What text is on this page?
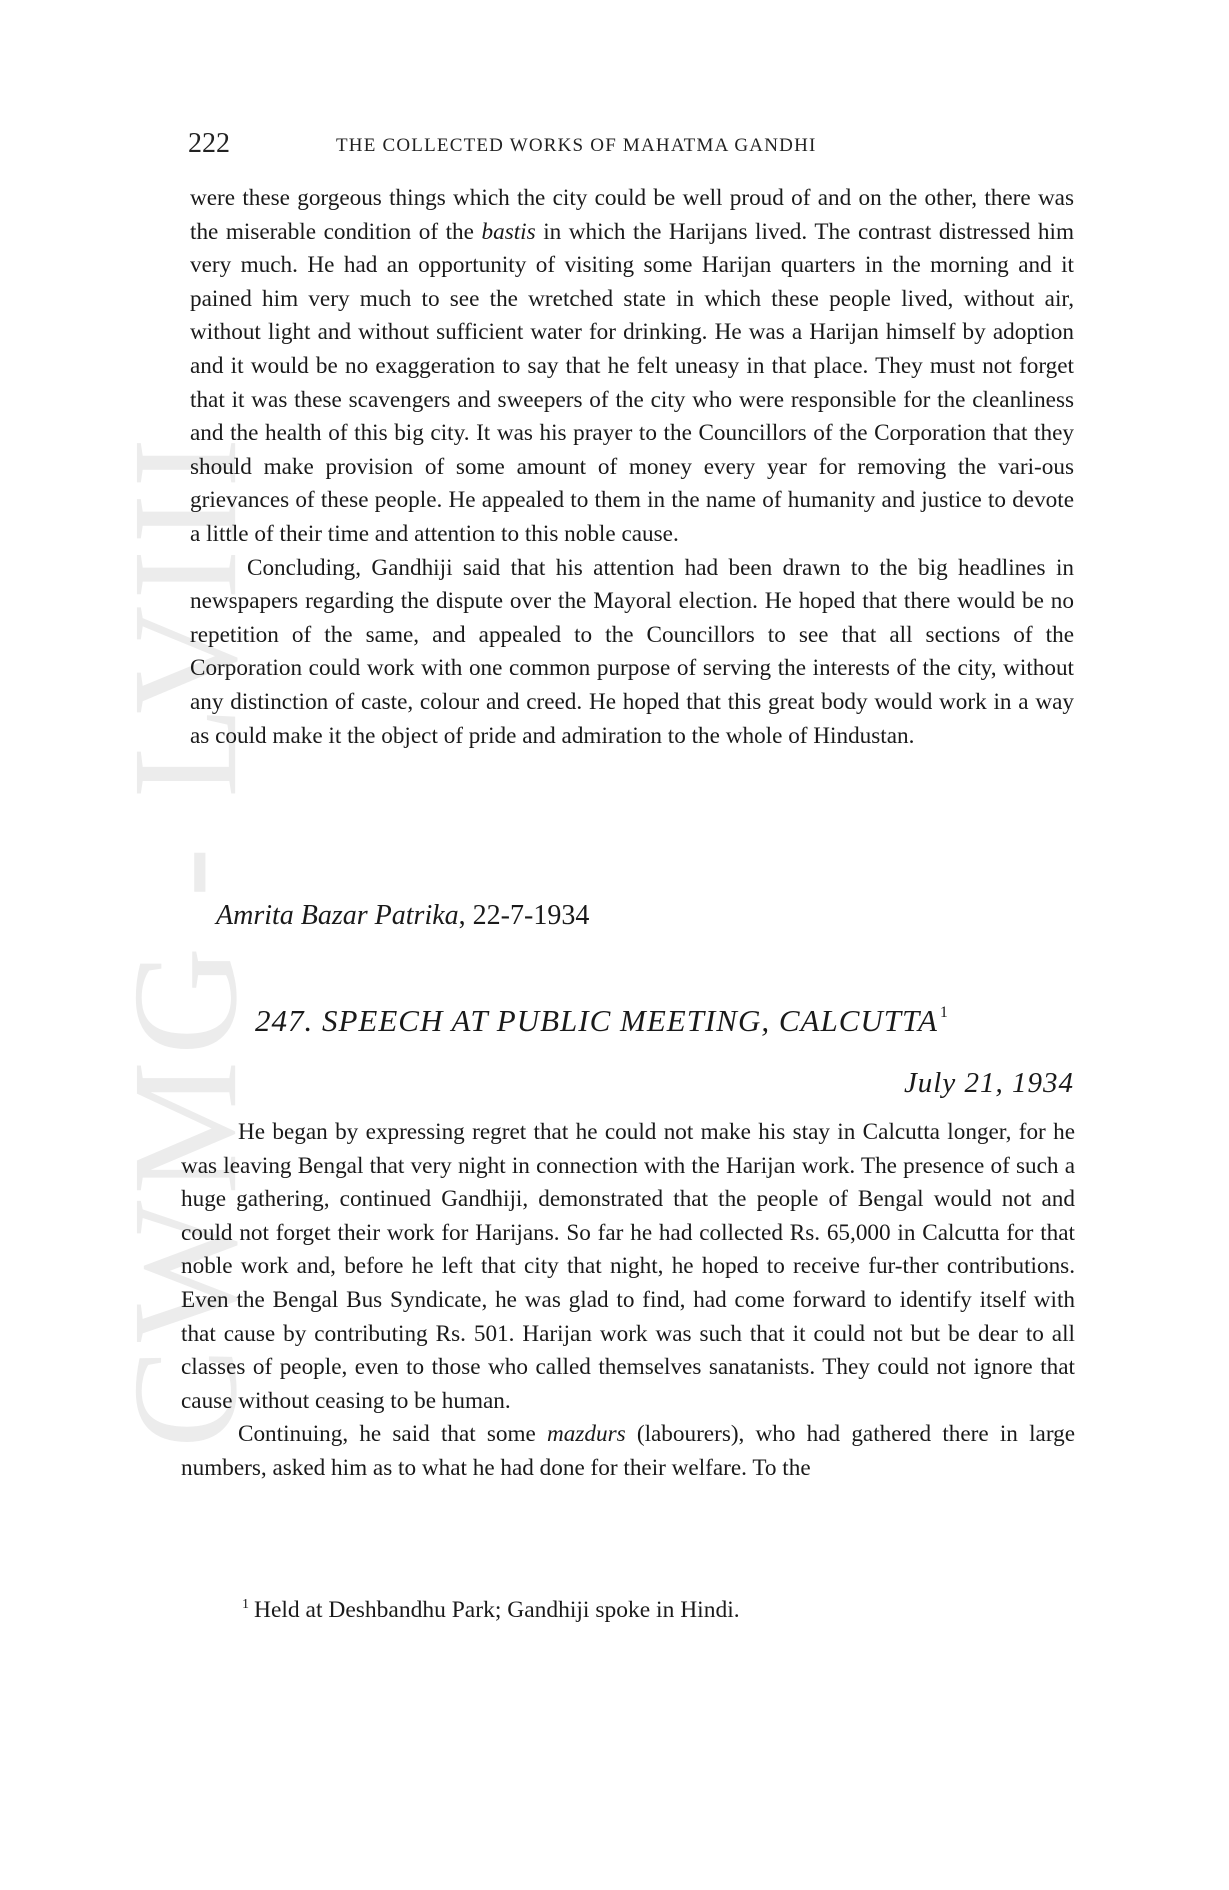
CWMG - LVIII
222	THE COLLECTED WORKS OF MAHATMA GANDHI

were these gorgeous things which the city could be well proud of and on the other, there was the miserable condition of the bastis in which the Harijans lived. The contrast distressed him very much. He had an opportunity of visiting some Harijan quarters in the morning and it pained him very much to see the wretched state in which these people lived, without air, without light and without sufficient water for drinking. He was a Harijan himself by adoption and it would be no exaggeration to say that he felt uneasy in that place. They must not forget that it was these scavengers and sweepers of the city who were responsible for the cleanliness and the health of this big city. It was his prayer to the Councillors of the Corporation that they should make provision of some amount of money every year for removing the vari-ous grievances of these people. He appealed to them in the name of humanity and justice to devote a little of their time and attention to this noble cause.

Concluding, Gandhiji said that his attention had been drawn to the big headlines in newspapers regarding the dispute over the Mayoral election. He hoped that there would be no repetition of the same, and appealed to the Councillors to see that all sections of the Corporation could work with one common purpose of serving the interests of the city, without any distinction of caste, colour and creed. He hoped that this great body would work in a way as could make it the object of pride and admiration to the whole of Hindustan.

Amrita Bazar Patrika, 22-7-1934
247. SPEECH AT PUBLIC MEETING, CALCUTTA $^1$
July 21, 1934

He began by expressing regret that he could not make his stay in Calcutta longer, for he was leaving Bengal that very night in connection with the Harijan work. The presence of such a huge gathering, continued Gandhiji, demonstrated that the people of Bengal would not and could not forget their work for Harijans. So far he had collected Rs. 65,000 in Calcutta for that noble work and, before he left that city that night, he hoped to receive fur-ther contributions. Even the Bengal Bus Syndicate, he was glad to find, had come forward to identify itself with that cause by contributing Rs. 501. Harijan work was such that it could not but be dear to all classes of people, even to those who called themselves sanatanists. They could not ignore that cause without ceasing to be human.

Continuing, he said that some mazdurs (labourers), who had gathered there in large numbers, asked him as to what he had done for their welfare. To the

$^1$ Held at Deshbandhu Park; Gandhiji spoke in Hindi.
